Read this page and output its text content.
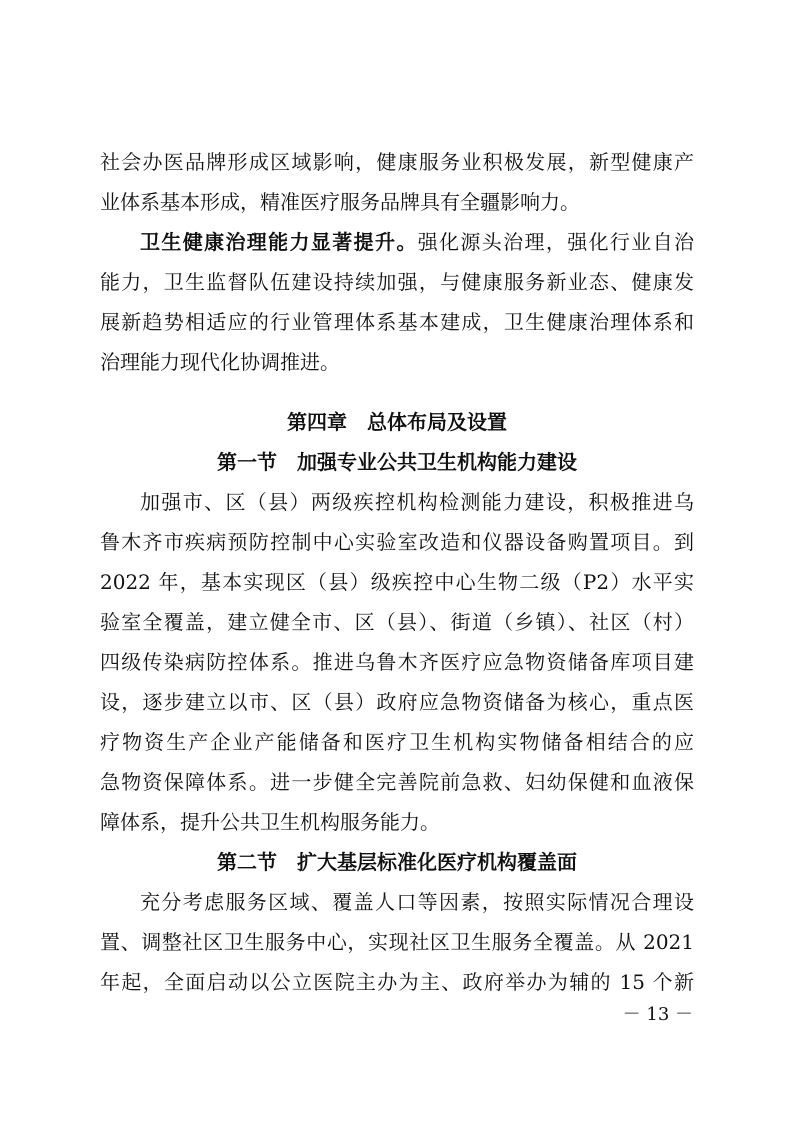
社会办医品牌形成区域影响，健康服务业积极发展，新型健康产
业体系基本形成，精准医疗服务品牌具有全疆影响力。
卫生健康治理能力显著提升。强化源头治理，强化行业自治
能力，卫生监督队伍建设持续加强，与健康服务新业态、健康发
展新趋势相适应的行业管理体系基本建成，卫生健康治理体系和
治理能力现代化协调推进。
第四章　总体布局及设置
第一节　加强专业公共卫生机构能力建设
加强市、区（县）两级疾控机构检测能力建设，积极推进乌
鲁木齐市疾病预防控制中心实验室改造和仪器设备购置项目。到
2022 年，基本实现区（县）级疾控中心生物二级（P2）水平实
验室全覆盖，建立健全市、区（县）、街道（乡镇）、社区（村）
四级传染病防控体系。推进乌鲁木齐医疗应急物资储备库项目建
设，逐步建立以市、区（县）政府应急物资储备为核心，重点医
疗物资生产企业产能储备和医疗卫生机构实物储备相结合的应
急物资保障体系。进一步健全完善院前急救、妇幼保健和血液保
障体系，提升公共卫生机构服务能力。
第二节　扩大基层标准化医疗机构覆盖面
充分考虑服务区域、覆盖人口等因素，按照实际情况合理设
置、调整社区卫生服务中心，实现社区卫生服务全覆盖。从 2021
年起，全面启动以公立医院主办为主、政府举办为辅的 15 个新
－ 13 －
